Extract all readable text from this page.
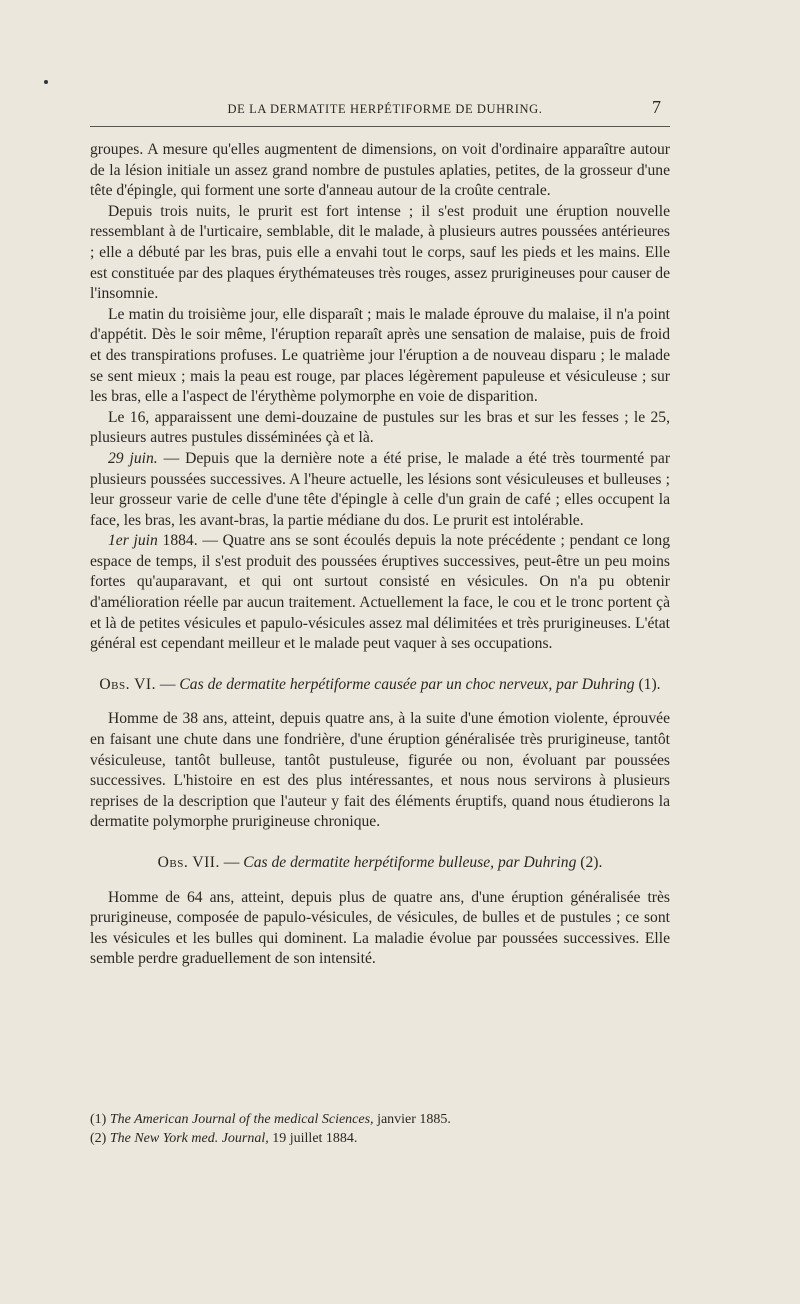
DE LA DERMATITE HERPÉTIFORME DE DUHRING.	7

groupes. A mesure qu'elles augmentent de dimensions, on voit d'ordinaire apparaître autour de la lésion initiale un assez grand nombre de pustules aplaties, petites, de la grosseur d'une tête d'épingle, qui forment une sorte d'anneau autour de la croûte centrale.

Depuis trois nuits, le prurit est fort intense ; il s'est produit une éruption nouvelle ressemblant à de l'urticaire, semblable, dit le malade, à plusieurs autres poussées antérieures ; elle a débuté par les bras, puis elle a envahi tout le corps, sauf les pieds et les mains. Elle est constituée par des plaques érythémateuses très rouges, assez prurigineuses pour causer de l'insomnie.

Le matin du troisième jour, elle disparaît ; mais le malade éprouve du malaise, il n'a point d'appétit. Dès le soir même, l'éruption reparaît après une sensation de malaise, puis de froid et des transpirations profuses. Le quatrième jour l'éruption a de nouveau disparu ; le malade se sent mieux ; mais la peau est rouge, par places légèrement papuleuse et vésiculeuse ; sur les bras, elle a l'aspect de l'érythème polymorphe en voie de disparition.

Le 16, apparaissent une demi-douzaine de pustules sur les bras et sur les fesses ; le 25, plusieurs autres pustules disséminées çà et là.

29 juin. — Depuis que la dernière note a été prise, le malade a été très tourmenté par plusieurs poussées successives. A l'heure actuelle, les lésions sont vésiculeuses et bulleuses ; leur grosseur varie de celle d'une tête d'épingle à celle d'un grain de café ; elles occupent la face, les bras, les avant-bras, la partie médiane du dos. Le prurit est intolérable.

1er juin 1884. — Quatre ans se sont écoulés depuis la note précédente ; pendant ce long espace de temps, il s'est produit des poussées éruptives successives, peut-être un peu moins fortes qu'auparavant, et qui ont surtout consisté en vésicules. On n'a pu obtenir d'amélioration réelle par aucun traitement. Actuellement la face, le cou et le tronc portent çà et là de petites vésicules et papulo-vésicules assez mal délimitées et très prurigineuses. L'état général est cependant meilleur et le malade peut vaquer à ses occupations.

Obs. VI. — Cas de dermatite herpétiforme causée par un choc nerveux, par Duhring (1).

Homme de 38 ans, atteint, depuis quatre ans, à la suite d'une émotion violente, éprouvée en faisant une chute dans une fondrière, d'une éruption généralisée très prurigineuse, tantôt vésiculeuse, tantôt bulleuse, tantôt pustuleuse, figurée ou non, évoluant par poussées successives. L'histoire en est des plus intéressantes, et nous nous servirons à plusieurs reprises de la description que l'auteur y fait des éléments éruptifs, quand nous étudierons la dermatite polymorphe prurigineuse chronique.

Obs. VII. — Cas de dermatite herpétiforme bulleuse, par Duhring (2).

Homme de 64 ans, atteint, depuis plus de quatre ans, d'une éruption généralisée très prurigineuse, composée de papulo-vésicules, de vésicules, de bulles et de pustules ; ce sont les vésicules et les bulles qui dominent. La maladie évolue par poussées successives. Elle semble perdre graduellement de son intensité.

(1) The American Journal of the medical Sciences, janvier 1885.

(2) The New York med. Journal, 19 juillet 1884.
